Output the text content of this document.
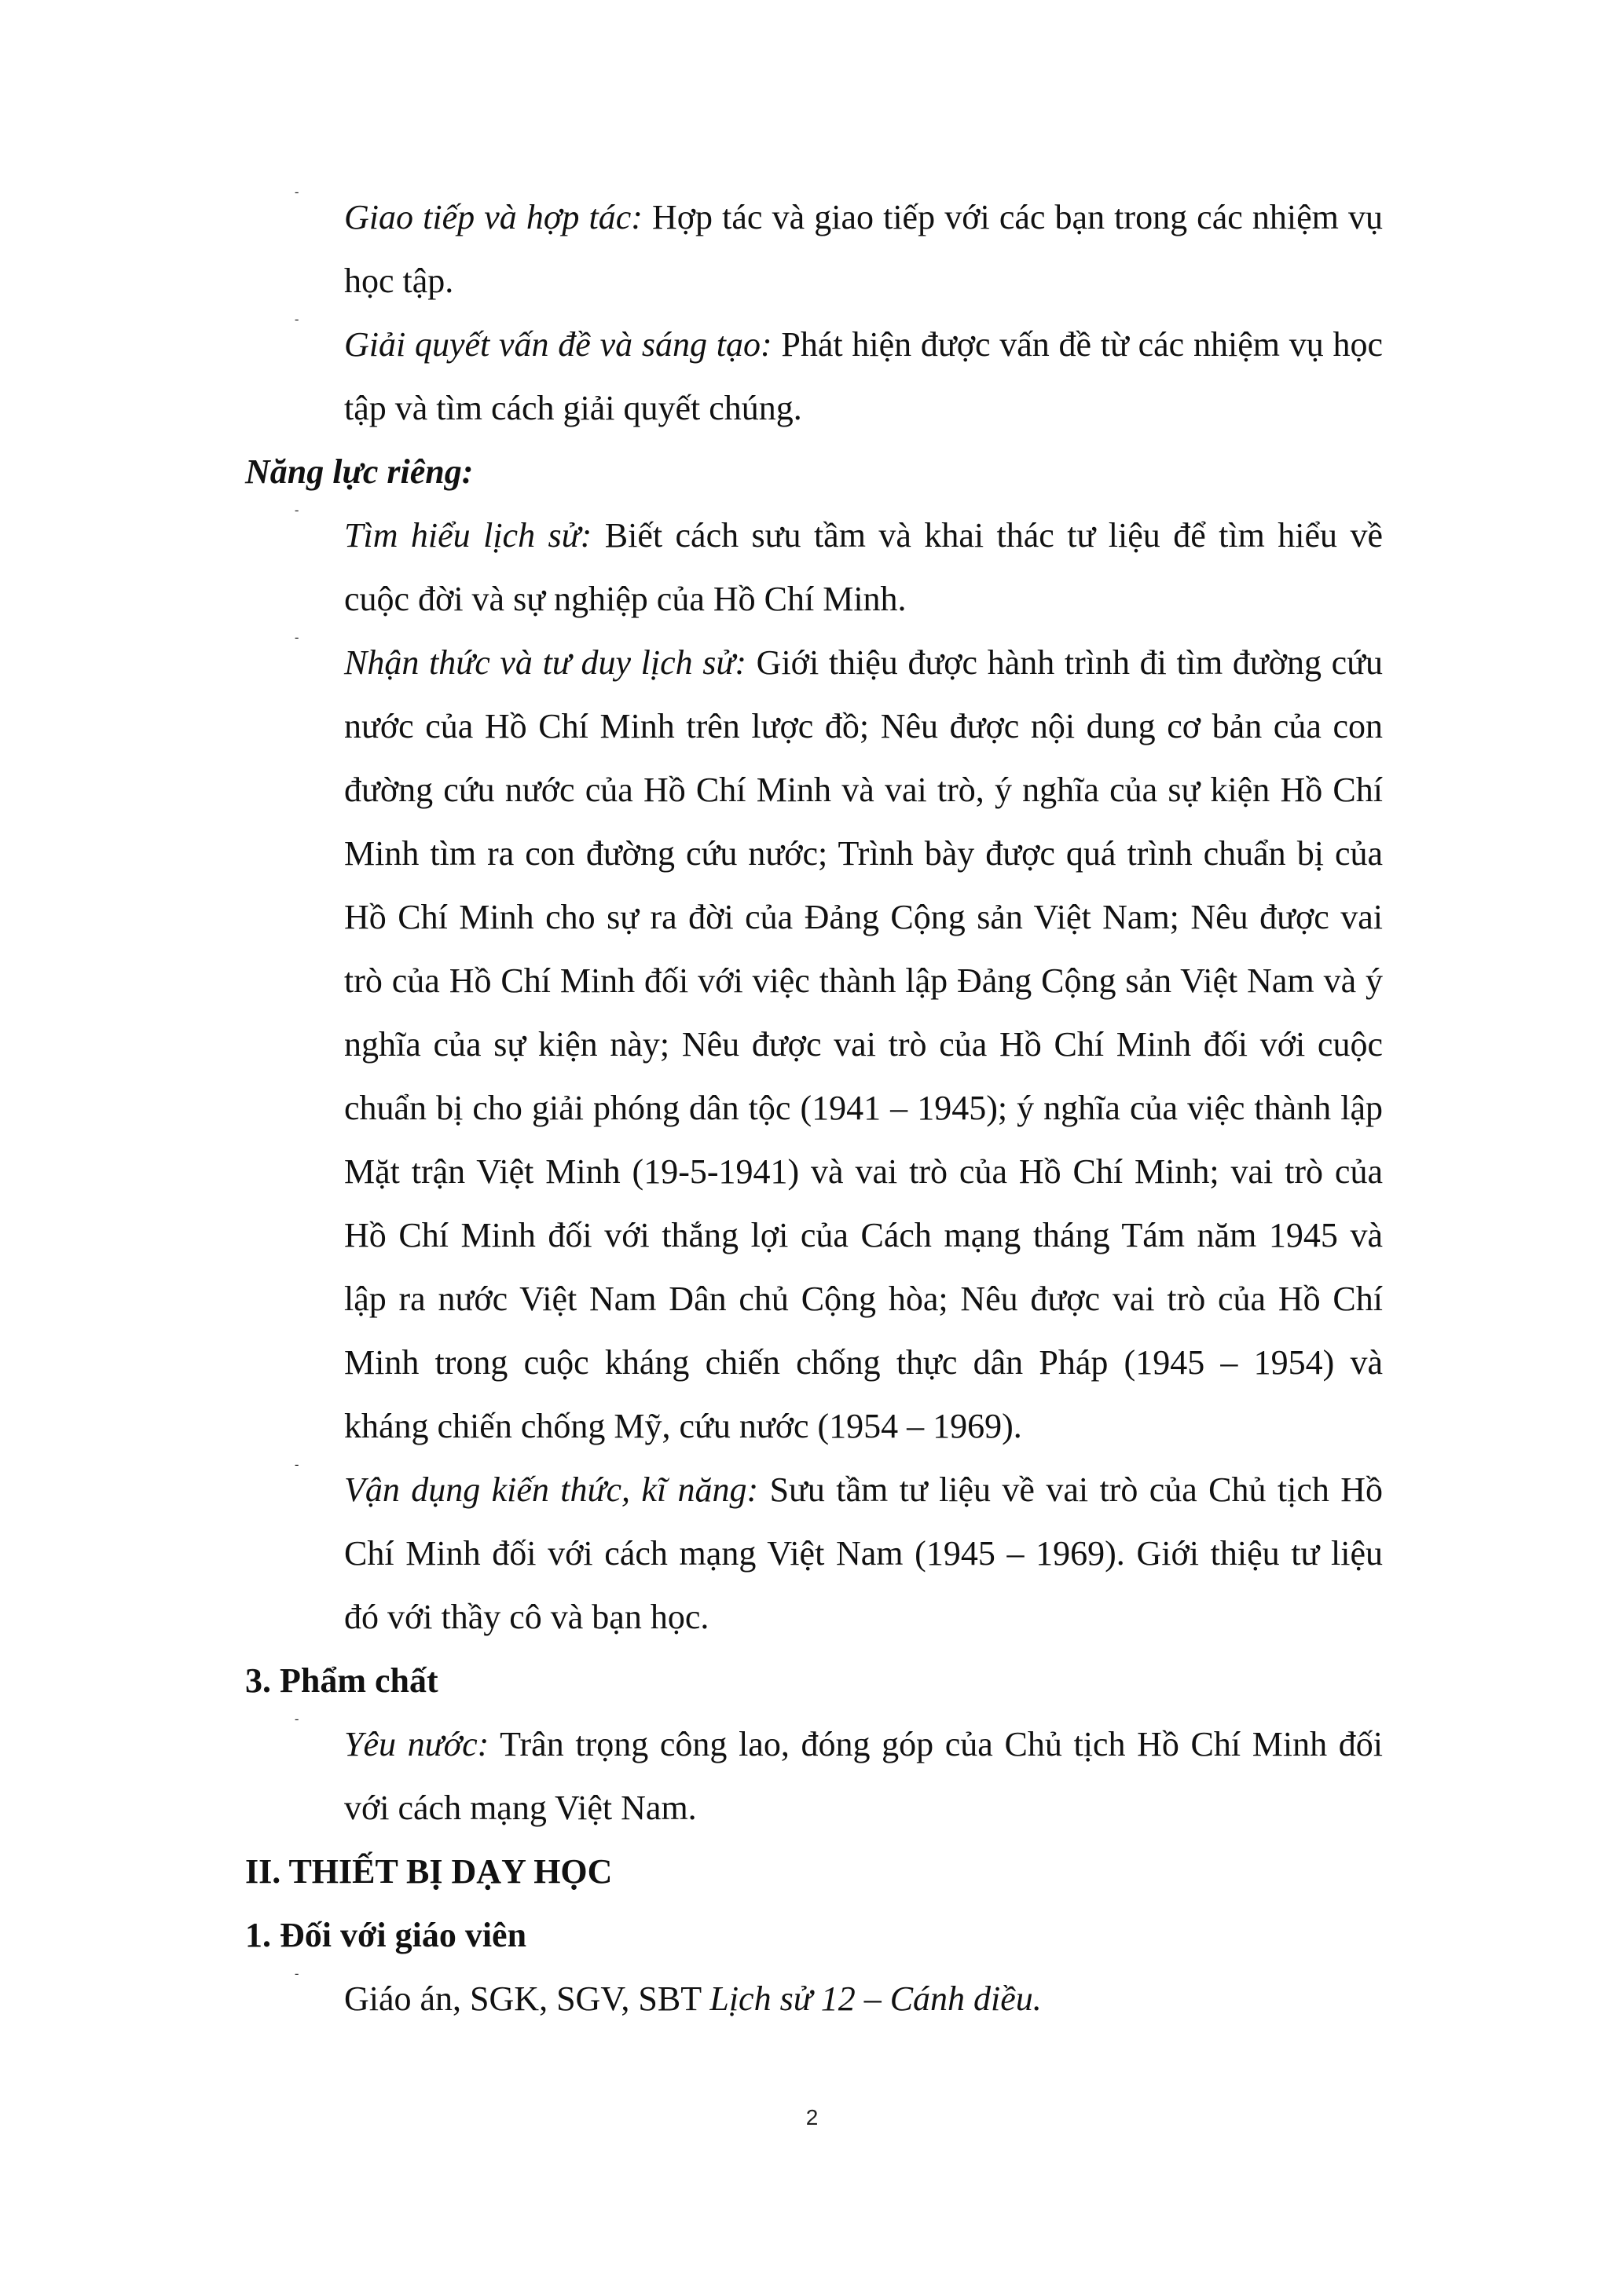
-
Giao tiếp và hợp tác: Hợp tác và giao tiếp với các bạn trong các nhiệm vụ học tập.
-
Giải quyết vấn đề và sáng tạo: Phát hiện được vấn đề từ các nhiệm vụ học tập và tìm cách giải quyết chúng.
Năng lực riêng:
-
Tìm hiểu lịch sử: Biết cách sưu tầm và khai thác tư liệu để tìm hiểu về cuộc đời và sự nghiệp của Hồ Chí Minh.
-
Nhận thức và tư duy lịch sử: Giới thiệu được hành trình đi tìm đường cứu nước của Hồ Chí Minh trên lược đồ; Nêu được nội dung cơ bản của con đường cứu nước của Hồ Chí Minh và vai trò, ý nghĩa của sự kiện Hồ Chí Minh tìm ra con đường cứu nước; Trình bày được quá trình chuẩn bị của Hồ Chí Minh cho sự ra đời của Đảng Cộng sản Việt Nam; Nêu được vai trò của Hồ Chí Minh đối với việc thành lập Đảng Cộng sản Việt Nam và ý nghĩa của sự kiện này; Nêu được vai trò của Hồ Chí Minh đối với cuộc chuẩn bị cho giải phóng dân tộc (1941 – 1945); ý nghĩa của việc thành lập Mặt trận Việt Minh (19-5-1941) và vai trò của Hồ Chí Minh; vai trò của Hồ Chí Minh đối với thắng lợi của Cách mạng tháng Tám năm 1945 và lập ra nước Việt Nam Dân chủ Cộng hòa; Nêu được vai trò của Hồ Chí Minh trong cuộc kháng chiến chống thực dân Pháp (1945 – 1954) và kháng chiến chống Mỹ, cứu nước (1954 – 1969).
-
Vận dụng kiến thức, kĩ năng: Sưu tầm tư liệu về vai trò của Chủ tịch Hồ Chí Minh đối với cách mạng Việt Nam (1945 – 1969). Giới thiệu tư liệu đó với thầy cô và bạn học.
3. Phẩm chất
-
Yêu nước: Trân trọng công lao, đóng góp của Chủ tịch Hồ Chí Minh đối với cách mạng Việt Nam.
II. THIẾT BỊ DẠY HỌC
1. Đối với giáo viên
-
Giáo án, SGK, SGV, SBT Lịch sử 12 – Cánh diều.
2
